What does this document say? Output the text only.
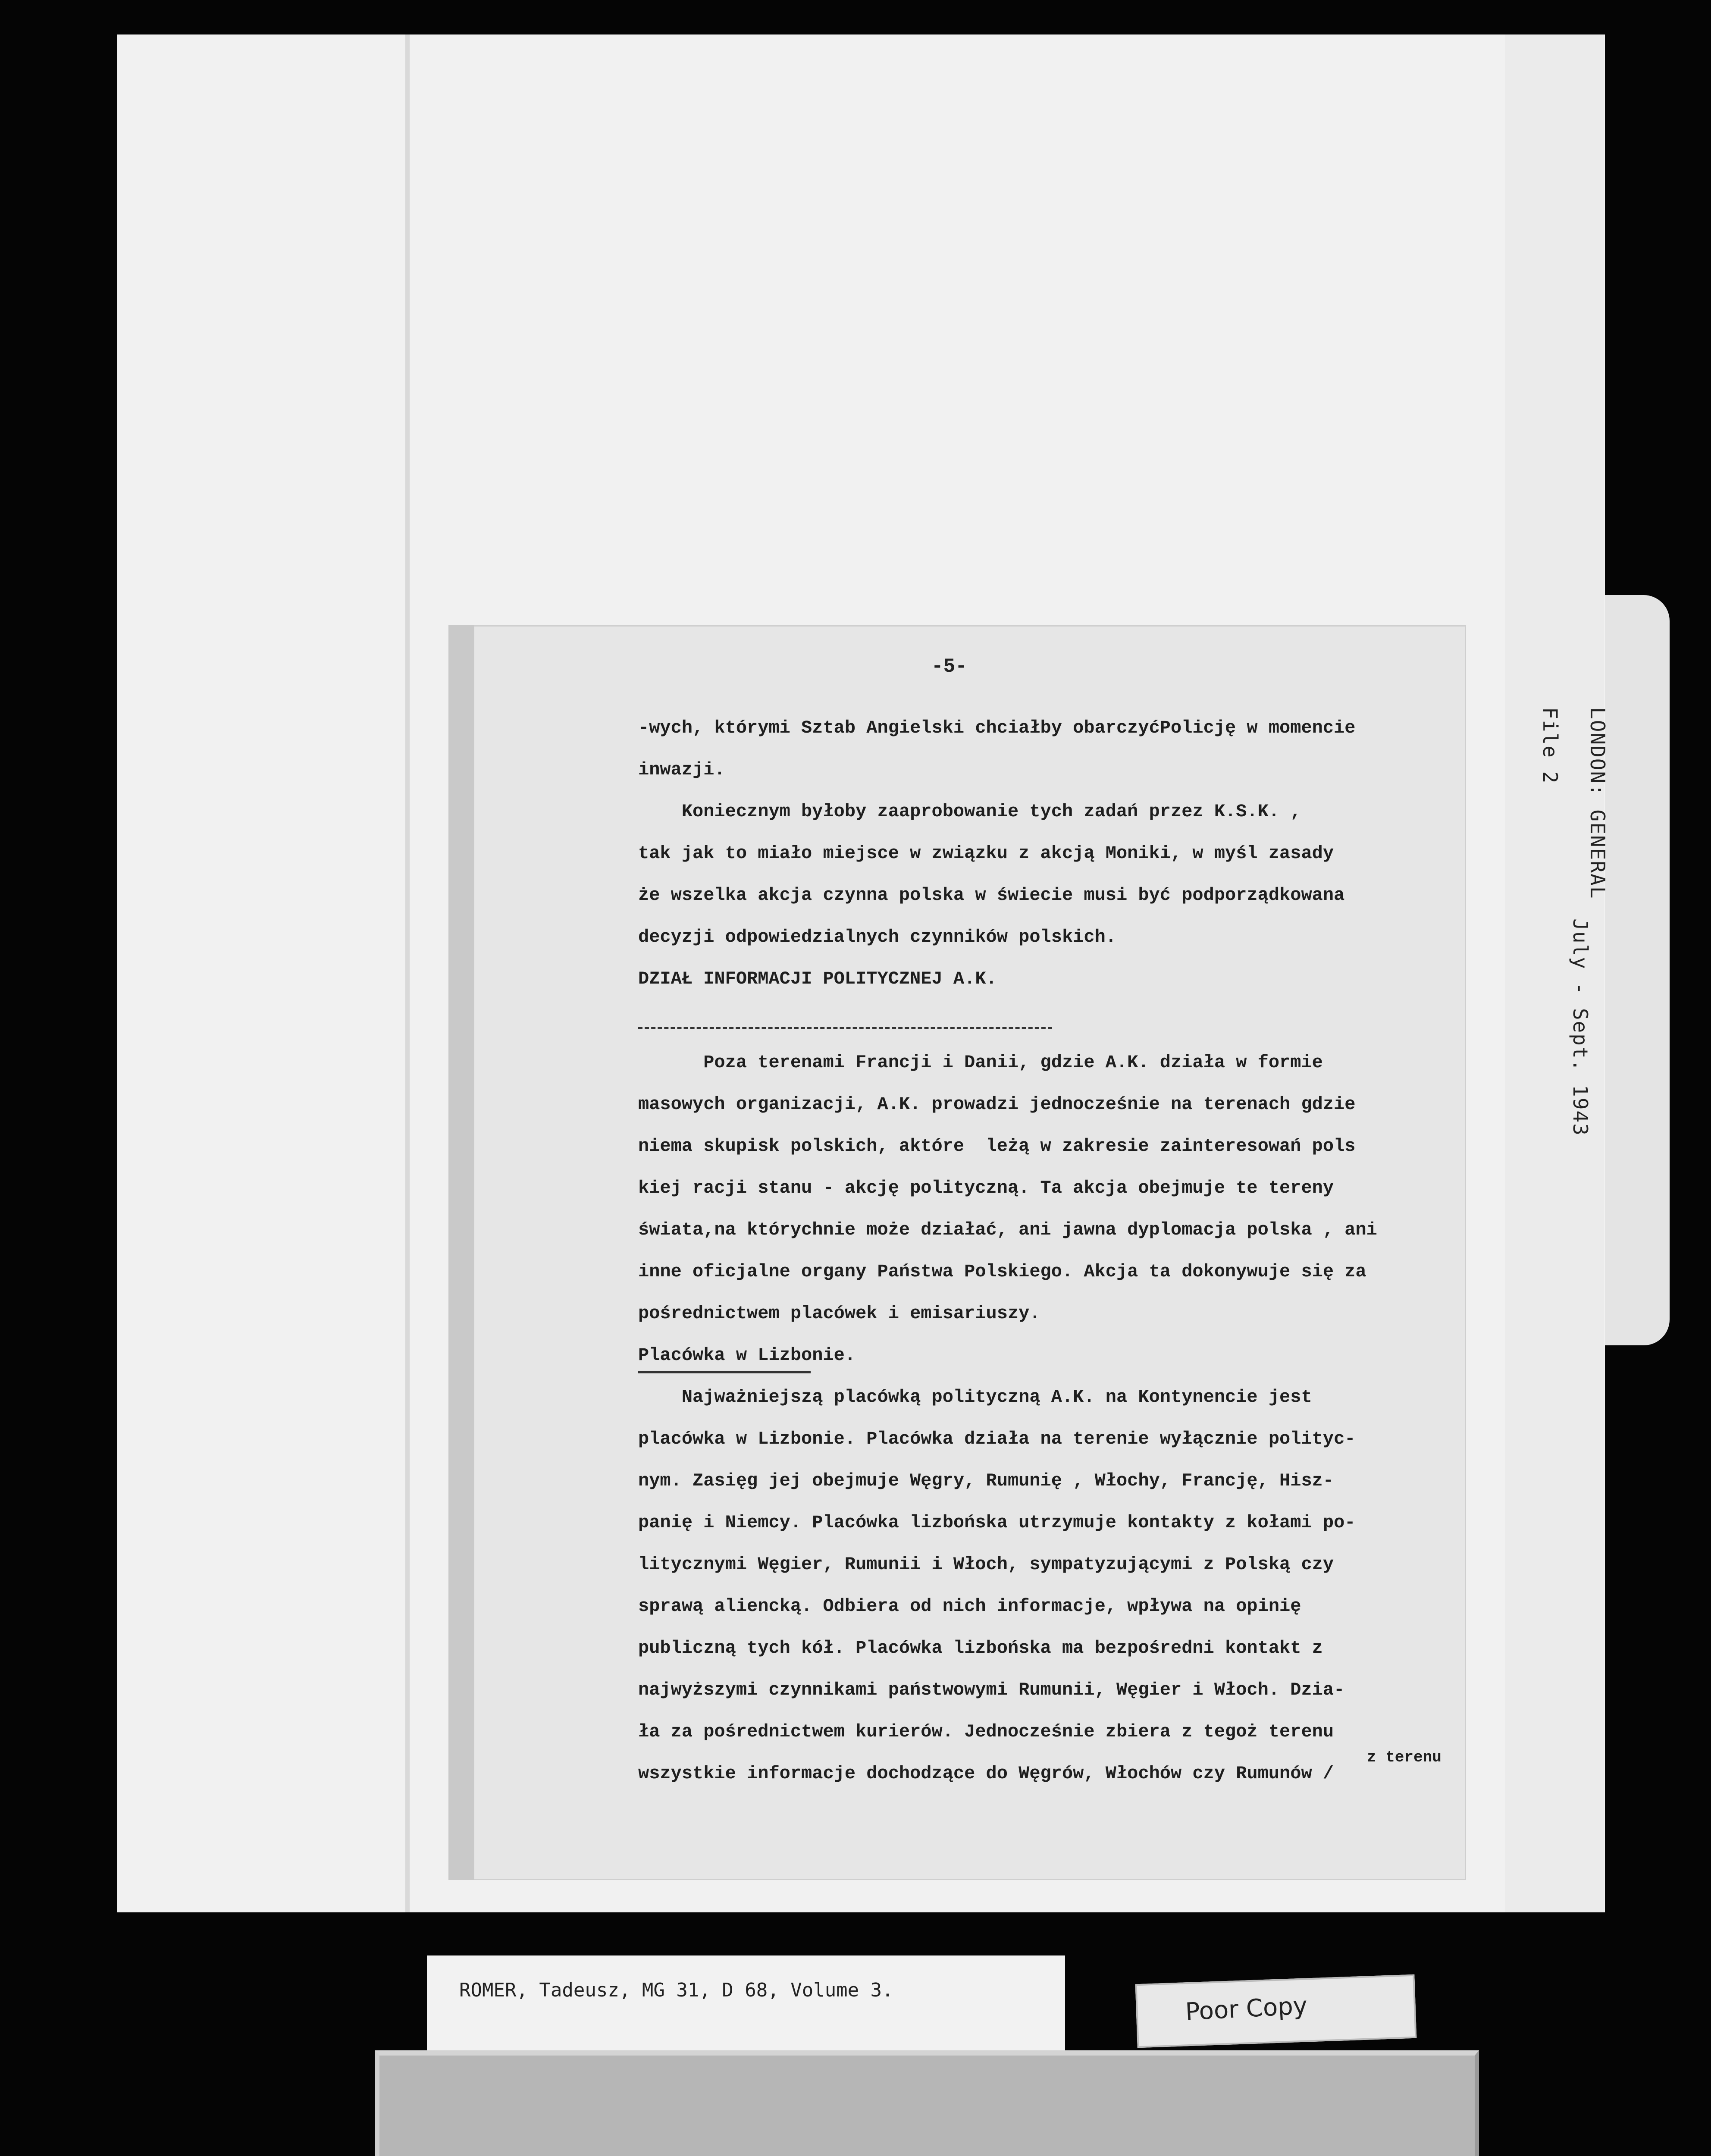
LONDON: GENERAL
File 2
July - Sept. 1943
-5-
-wych, którymi Sztab Angielski chciałby obarczyćPolicję w momencie
inwazji.
Koniecznym byłoby zaaprobowanie tych zadań przez K.S.K. ,
tak jak to miało miejsce w związku z akcją Moniki, w myśl zasady
że wszelka akcja czynna polska w świecie musi być podporządkowana
decyzji odpowiedzialnych czynników polskich.
DZIAŁ INFORMACJI POLITYCZNEJ A.K.

Poza terenami Francji i Danii, gdzie A.K. działa w formie
masowych organizacji, A.K. prowadzi jednocześnie na terenach gdzie
niema skupisk polskich, aktóre  leżą w zakresie zainteresowań pols
kiej racji stanu - akcję polityczną. Ta akcja obejmuje te tereny
świata,na którychnie może działać, ani jawna dyplomacja polska , ani
inne oficjalne organy Państwa Polskiego. Akcja ta dokonywuje się za
pośrednictwem placówek i emisariuszy.
Placówka w Lizbonie.
Najważniejszą placówką polityczną A.K. na Kontynencie jest
placówka w Lizbonie. Placówka działa na terenie wyłącznie polityc-
nym. Zasięg jej obejmuje Węgry, Rumunię , Włochy, Francję, Hisz-
panię i Niemcy. Placówka lizbońska utrzymuje kontakty z kołami po-
litycznymi Węgier, Rumunii i Włoch, sympatyzującymi z Polską czy
sprawą aliencką. Odbiera od nich informacje, wpływa na opinię
publiczną tych kół. Placówka lizbońska ma bezpośredni kontakt z
najwyższymi czynnikami państwowymi Rumunii, Węgier i Włoch. Dzia-
ła za pośrednictwem kurierów. Jednocześnie zbiera z tegoż terenu
wszystkie informacje dochodzące do Węgrów, Włochów czy Rumunów /
z terenu
ROMER, Tadeusz, MG 31, D 68, Volume 3.
Poor Copy
